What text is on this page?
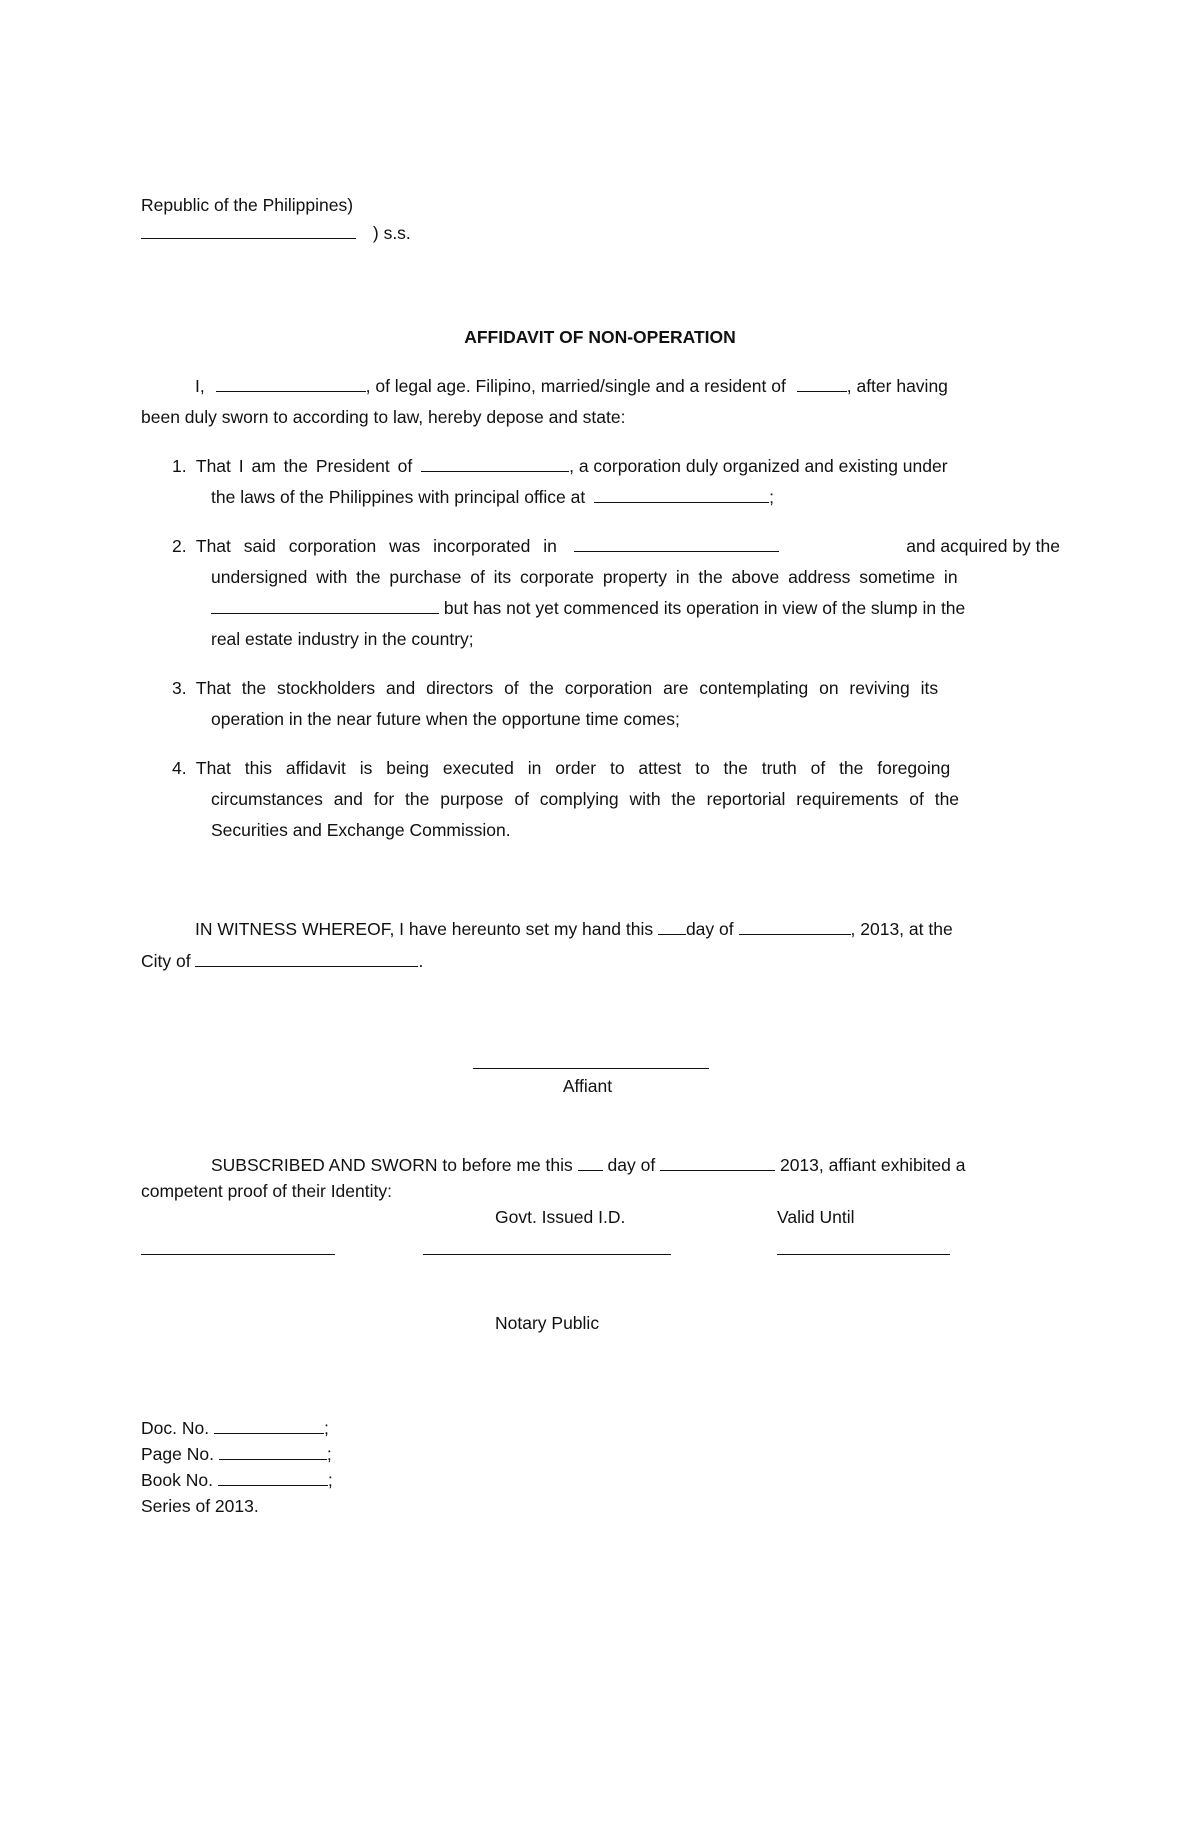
Republic of the Philippines)
) s.s.
AFFIDAVIT OF NON-OPERATION
I,	, of legal age. Filipino, married/single and a resident of	, after having
been duly sworn to according to law, hereby depose and state:
1. That I am the President of	, a corporation duly organized and existing under
the laws of the Philippines with principal office at	;
2. That said corporation was incorporated in	and acquired by the
undersigned with the purchase of its corporate property in the above address sometime in
but has not yet commenced its operation in view of the slump in the
real estate industry in the country;
3. That the stockholders and directors of the corporation are contemplating on reviving its
operation in the near future when the opportune time comes;
4. That this affidavit is being executed in order to attest to the truth of the foregoing
circumstances and for the purpose of complying with the reportorial requirements of the
Securities and Exchange Commission.
IN WITNESS WHEREOF, I have hereunto set my hand this day of	, 2013, at the
City of	.
Affiant
SUBSCRIBED AND SWORN to before me this day of	2013, affiant exhibited a
competent proof of their Identity:
Govt. Issued I.D.	Valid Until
Notary Public
Doc. No.	;
Page No.	;
Book No.	;
Series of 2013.
